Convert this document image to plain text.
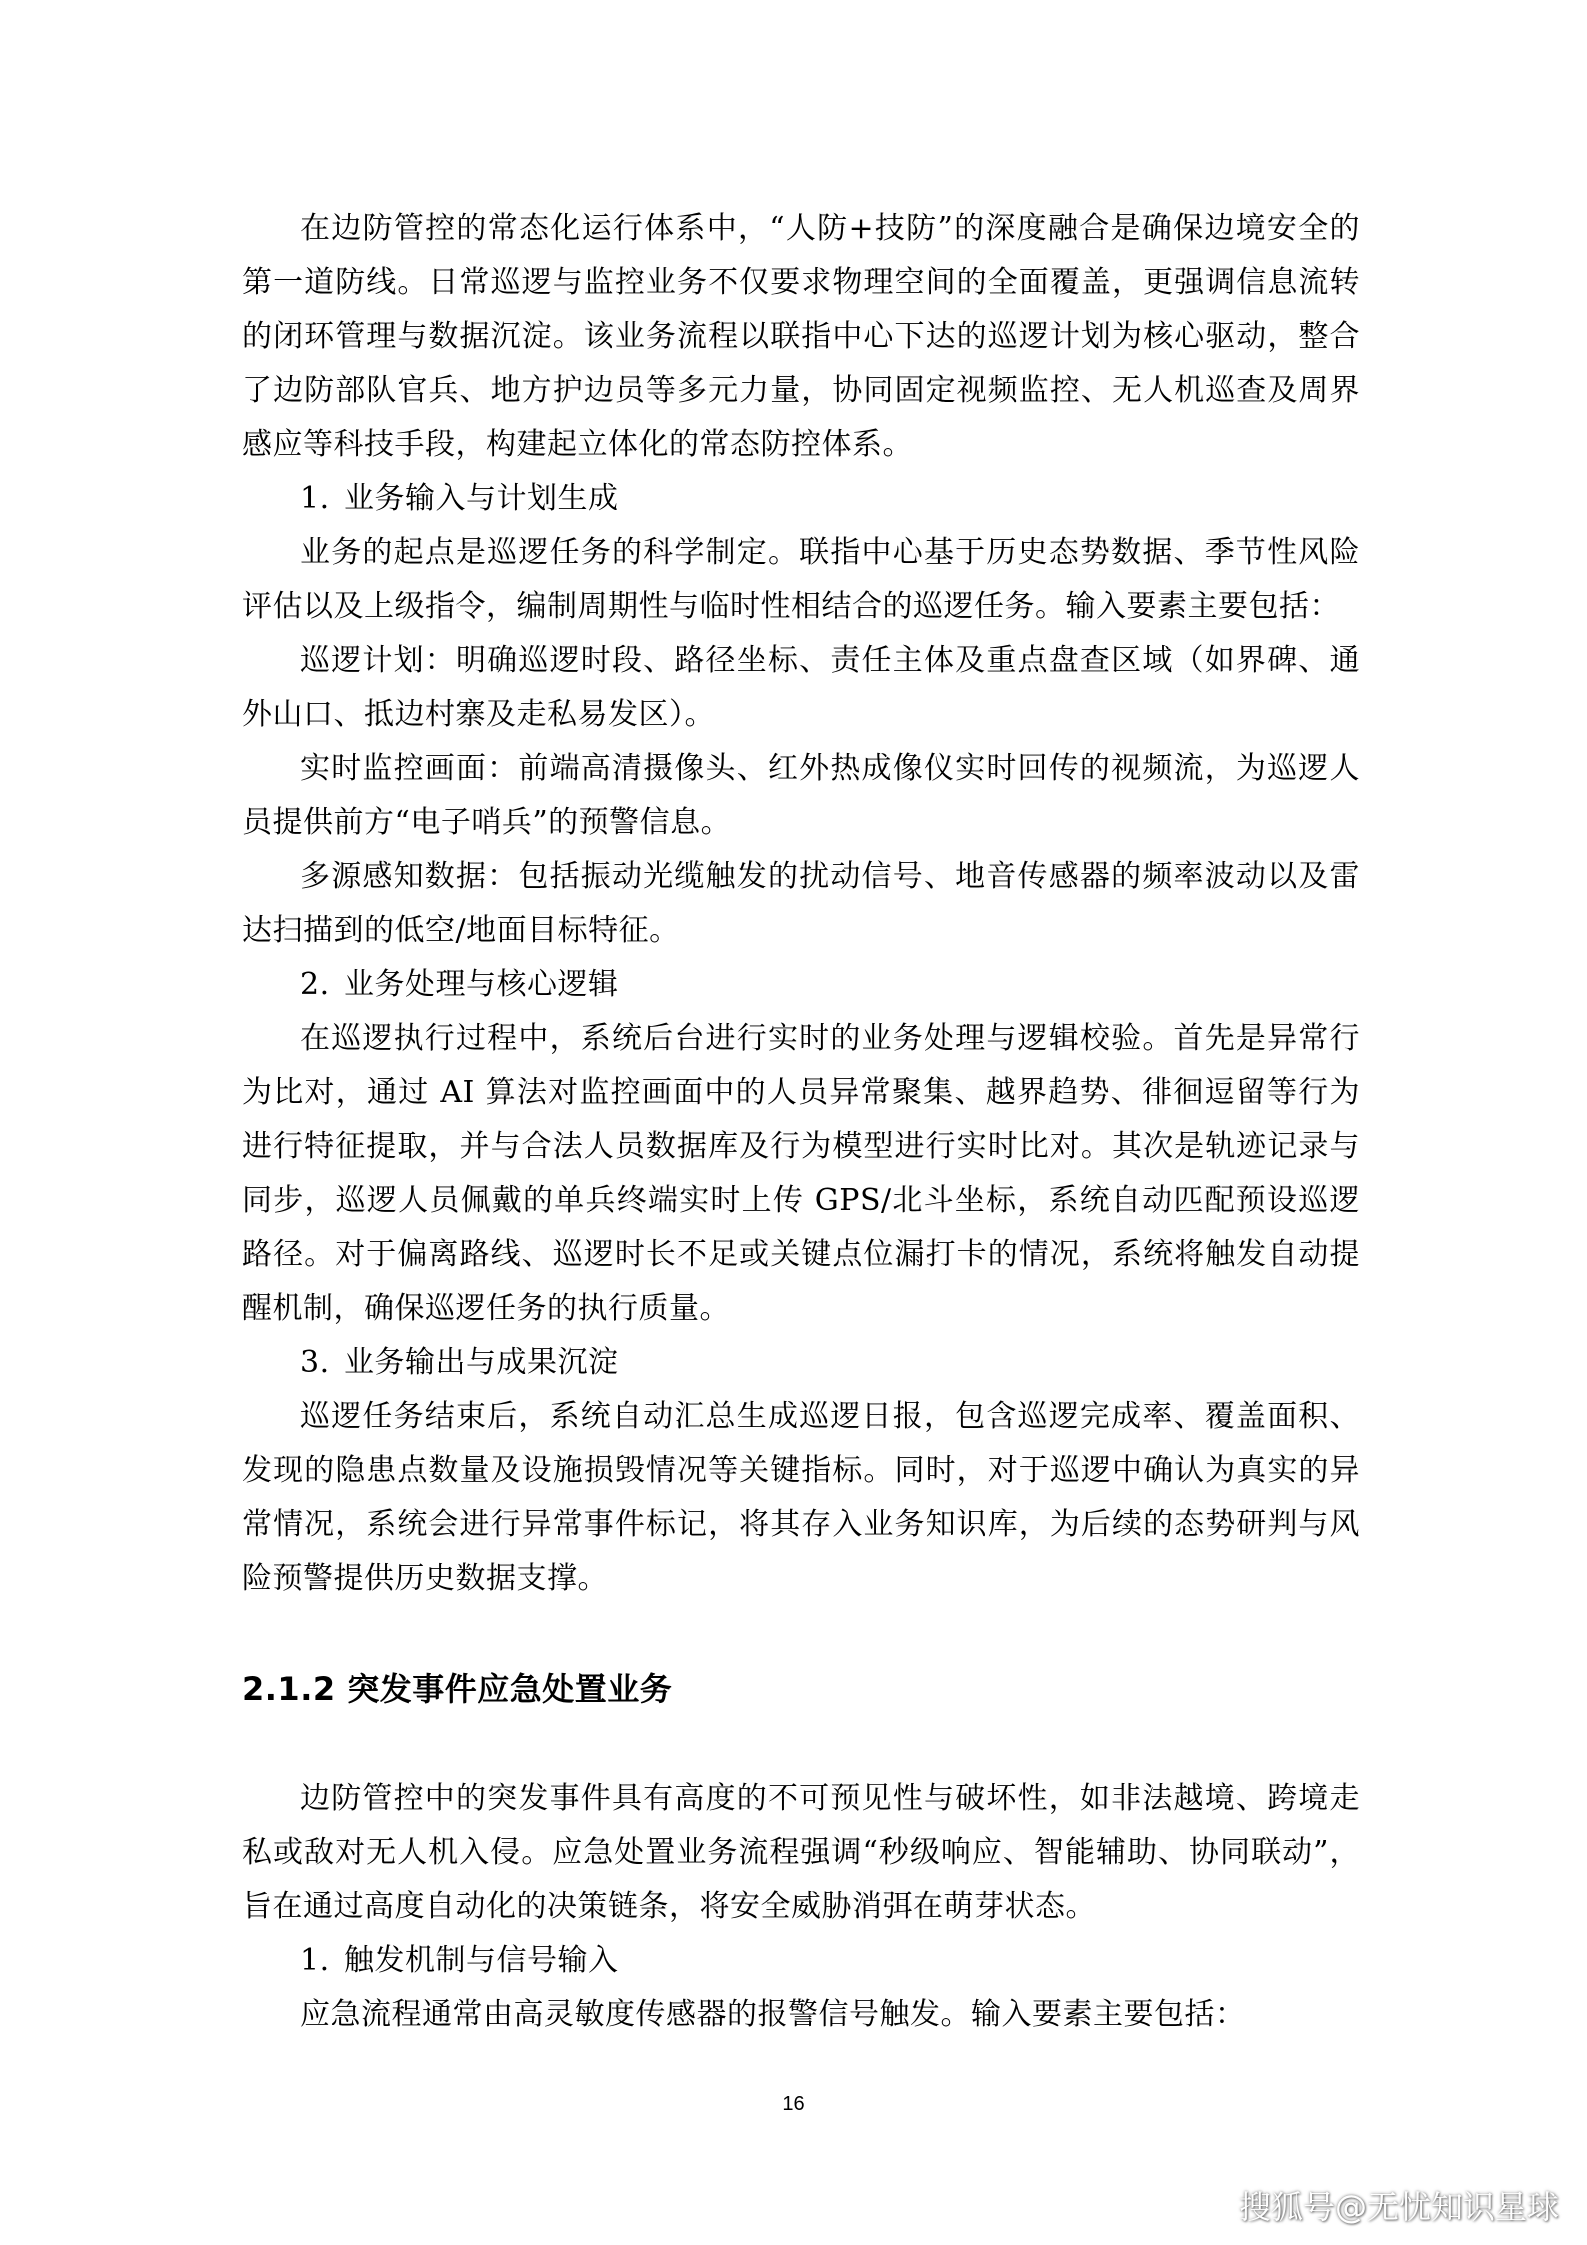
在边防管控的常态化运行体系中，“人防+技防”的深度融合是确保边境安全的第一道防线。日常巡逻与监控业务不仅要求物理空间的全面覆盖，更强调信息流转的闭环管理与数据沉淀。该业务流程以联指中心下达的巡逻计划为核心驱动，整合了边防部队官兵、地方护边员等多元力量，协同固定视频监控、无人机巡查及周界感应等科技手段，构建起立体化的常态防控体系。

1. 业务输入与计划生成

业务的起点是巡逻任务的科学制定。联指中心基于历史态势数据、季节性风险评估以及上级指令，编制周期性与临时性相结合的巡逻任务。输入要素主要包括：

巡逻计划：明确巡逻时段、路径坐标、责任主体及重点盘查区域（如界碑、通外山口、抵边村寨及走私易发区）。

实时监控画面：前端高清摄像头、红外热成像仪实时回传的视频流，为巡逻人员提供前方“电子哨兵”的预警信息。

多源感知数据：包括振动光缆触发的扰动信号、地音传感器的频率波动以及雷达扫描到的低空/地面目标特征。

2. 业务处理与核心逻辑

在巡逻执行过程中，系统后台进行实时的业务处理与逻辑校验。首先是异常行为比对，通过 AI 算法对监控画面中的人员异常聚集、越界趋势、徘徊逗留等行为进行特征提取，并与合法人员数据库及行为模型进行实时比对。其次是轨迹记录与同步，巡逻人员佩戴的单兵终端实时上传 GPS/北斗坐标，系统自动匹配预设巡逻路径。对于偏离路线、巡逻时长不足或关键点位漏打卡的情况，系统将触发自动提醒机制，确保巡逻任务的执行质量。

3. 业务输出与成果沉淀

巡逻任务结束后，系统自动汇总生成巡逻日报，包含巡逻完成率、覆盖面积、发现的隐患点数量及设施损毁情况等关键指标。同时，对于巡逻中确认为真实的异常情况，系统会进行异常事件标记，将其存入业务知识库，为后续的态势研判与风险预警提供历史数据支撑。

2.1.2 突发事件应急处置业务

边防管控中的突发事件具有高度的不可预见性与破坏性，如非法越境、跨境走私或敌对无人机入侵。应急处置业务流程强调“秒级响应、智能辅助、协同联动”，旨在通过高度自动化的决策链条，将安全威胁消弭在萌芽状态。

1. 触发机制与信号输入

应急流程通常由高灵敏度传感器的报警信号触发。输入要素主要包括：

16
搜狐号@无忧知识星球
